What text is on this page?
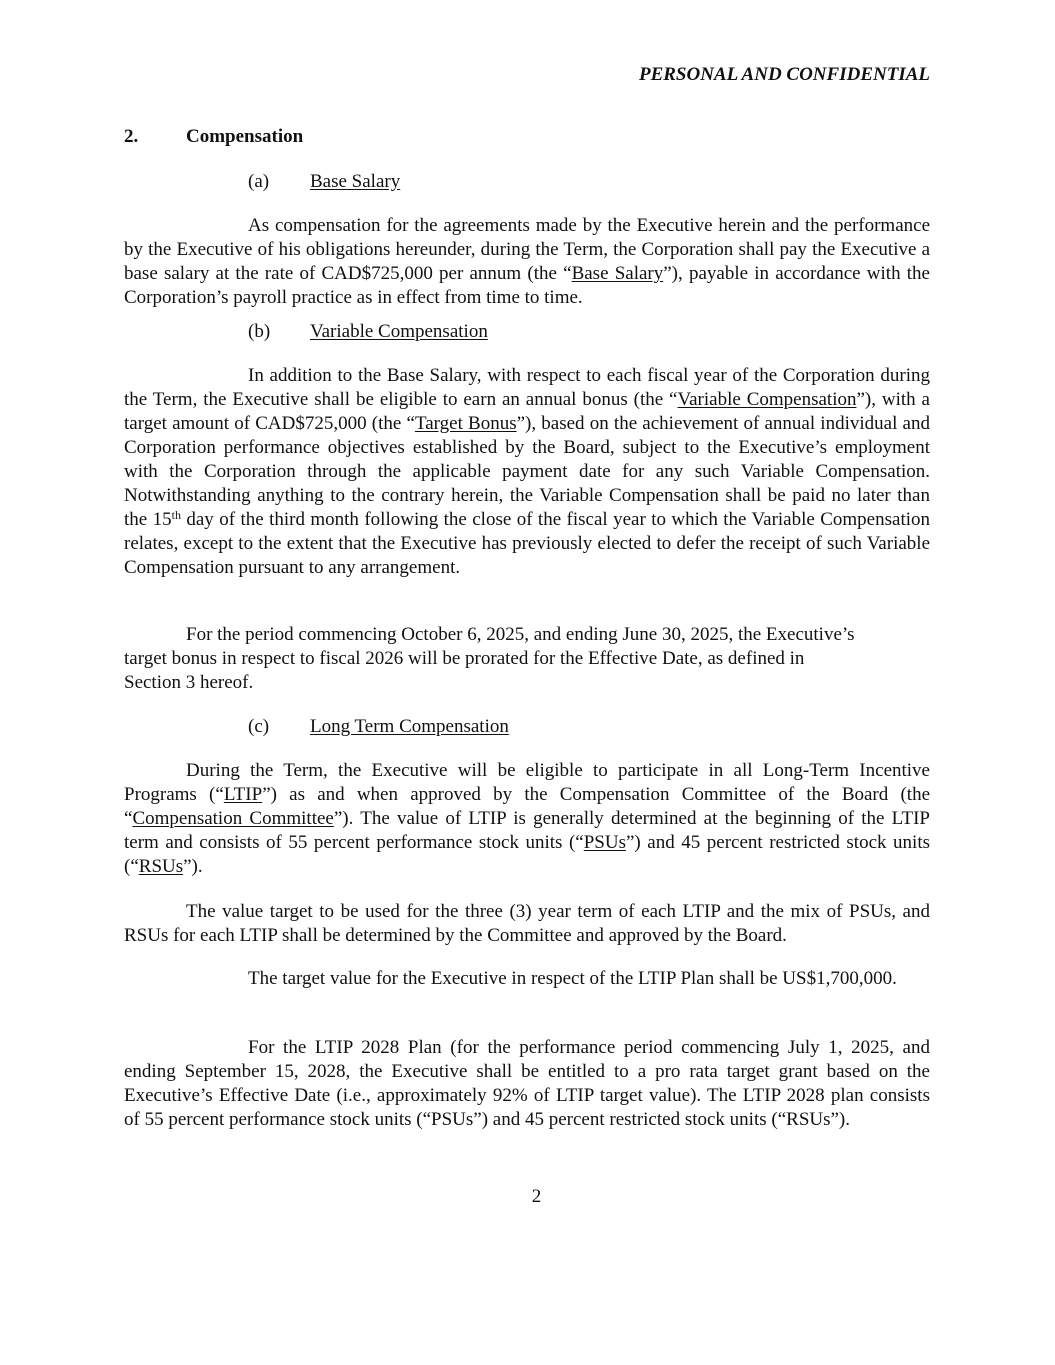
PERSONAL AND CONFIDENTIAL
2.	Compensation
(a) Base Salary

As compensation for the agreements made by the Executive herein and the performance by the Executive of his obligations hereunder, during the Term, the Corporation shall pay the Executive a base salary at the rate of CAD$725,000 per annum (the “Base Salary”), payable in accordance with the Corporation’s payroll practice as in effect from time to time.

(b) Variable Compensation

In addition to the Base Salary, with respect to each fiscal year of the Corporation during the Term, the Executive shall be eligible to earn an annual bonus (the “Variable Compensation”), with a target amount of CAD$725,000 (the “Target Bonus”), based on the achievement of annual individual and Corporation performance objectives established by the Board, subject to the Executive’s employment with the Corporation through the applicable payment date for any such Variable Compensation. Notwithstanding anything to the contrary herein, the Variable Compensation shall be paid no later than the 15th day of the third month following the close of the fiscal year to which the Variable Compensation relates, except to the extent that the Executive has previously elected to defer the receipt of such Variable Compensation pursuant to any arrangement.

For the period commencing October 6, 2025, and ending June 30, 2025, the Executive’s
target bonus in respect to fiscal 2026 will be prorated for the Effective Date, as defined in
Section 3 hereof.
(c) Long Term Compensation

During the Term, the Executive will be eligible to participate in all Long-Term Incentive Programs (“LTIP”) as and when approved by the Compensation Committee of the Board (the “Compensation Committee”). The value of LTIP is generally determined at the beginning of the LTIP term and consists of 55 percent performance stock units (“PSUs”) and 45 percent restricted stock units (“RSUs”).

The value target to be used for the three (3) year term of each LTIP and the mix of PSUs, and RSUs for each LTIP shall be determined by the Committee and approved by the Board.

The target value for the Executive in respect of the LTIP Plan shall be US$1,700,000.

For the LTIP 2028 Plan (for the performance period commencing July 1, 2025, and ending September 15, 2028, the Executive shall be entitled to a pro rata target grant based on the Executive’s Effective Date (i.e., approximately 92% of LTIP target value). The LTIP 2028 plan consists of 55 percent performance stock units (“PSUs”) and 45 percent restricted stock units (“RSUs”).

2
